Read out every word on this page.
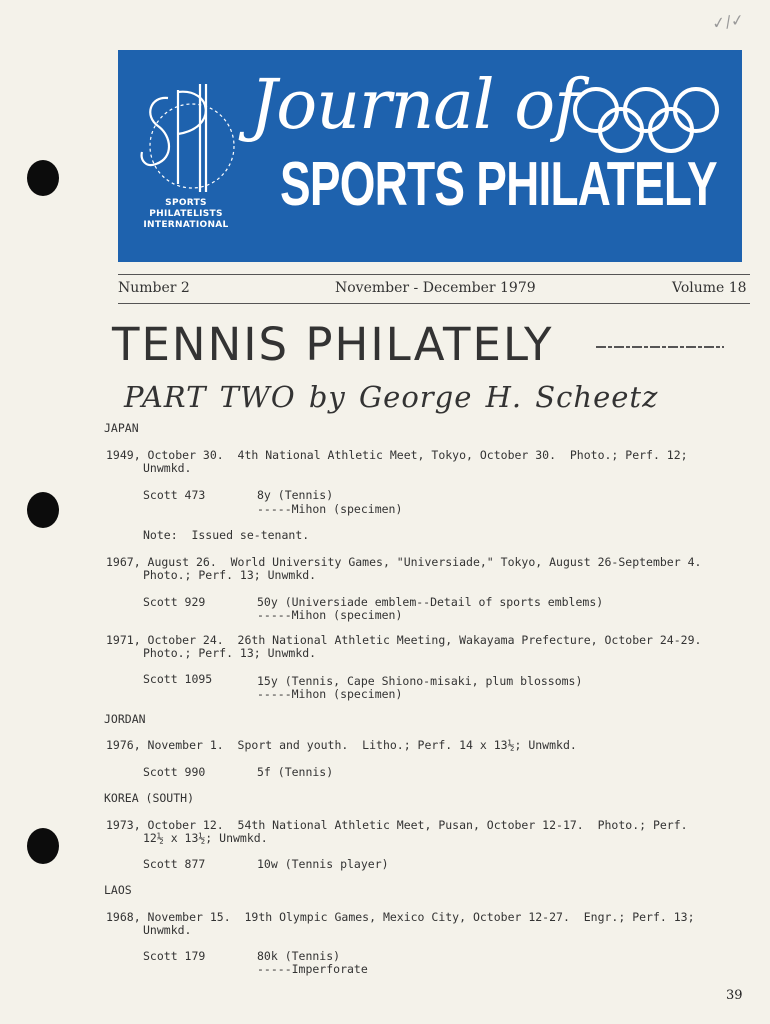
✓/✓
SPORTS
PHILATELISTS
INTERNATIONAL
Journal of
SPORTS PHILATELY
Number 2	November - December 1979	Volume 18
TENNIS PHILATELY
PART TWO by George H. Scheetz
JAPAN
1949, October 30.  4th National Athletic Meet, Tokyo, October 30.  Photo.; Perf. 12;
Unwmkd.
Scott 473	8y (Tennis)
-----Mihon (specimen)
Note:  Issued se-tenant.
1967, August 26.  World University Games, "Universiade," Tokyo, August 26-September 4.
Photo.; Perf. 13; Unwmkd.
Scott 929	50y (Universiade emblem--Detail of sports emblems)
-----Mihon (specimen)
1971, October 24.  26th National Athletic Meeting, Wakayama Prefecture, October 24-29.
Photo.; Perf. 13; Unwmkd.
Scott 1095	15y (Tennis, Cape Shiono-misaki, plum blossoms)
-----Mihon (specimen)
JORDAN
1976, November 1.  Sport and youth.  Litho.; Perf. 14 x 13½; Unwmkd.
Scott 990	5f (Tennis)
KOREA (SOUTH)
1973, October 12.  54th National Athletic Meet, Pusan, October 12-17.  Photo.; Perf.
12½ x 13½; Unwmkd.
Scott 877	10w (Tennis player)
LAOS
1968, November 15.  19th Olympic Games, Mexico City, October 12-27.  Engr.; Perf. 13;
Unwmkd.
Scott 179	80k (Tennis)
-----Imperforate
39
